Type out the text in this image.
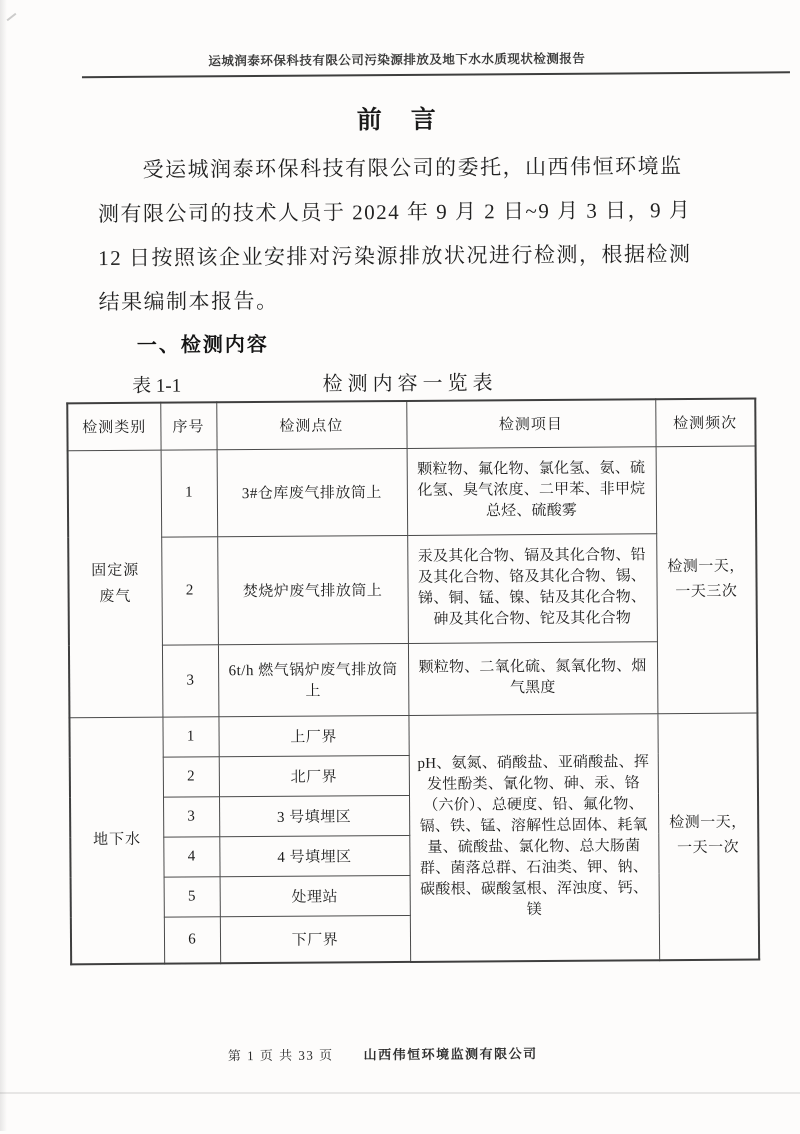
运城润泰环保科技有限公司污染源排放及地下水水质现状检测报告
前　言
　　受运城润泰环保科技有限公司的委托，山西伟恒环境监
测有限公司的技术人员于 2024 年 9 月 2 日~9 月 3 日，9 月
12 日按照该企业安排对污染源排放状况进行检测，根据检测
结果编制本报告。
一、检测内容
表 1-1	检测内容一览表
检测类别	序号	检测点位	检测项目	检测频次
固定源
废气	1	3#仓库废气排放筒上	颗粒物、氟化物、氯化氢、氨、硫化氢、臭气浓度、二甲苯、非甲烷总烃、硫酸雾	检测一天，
一天三次
	2	焚烧炉废气排放筒上	汞及其化合物、镉及其化合物、铅及其化合物、铬及其化合物、锡、锑、铜、锰、镍、钴及其化合物、砷及其化合物、铊及其化合物	
	3	6t/h 燃气锅炉废气排放筒上	颗粒物、二氧化硫、氮氧化物、烟气黑度	
地下水	1	上厂界	pH、氨氮、硝酸盐、亚硝酸盐、挥发性酚类、氰化物、砷、汞、铬（六价）、总硬度、铅、氟化物、镉、铁、锰、溶解性总固体、耗氧量、硫酸盐、氯化物、总大肠菌群、菌落总群、石油类、钾、钠、碳酸根、碳酸氢根、浑浊度、钙、镁	检测一天，
一天一次
	2	北厂界		
	3	3 号填埋区		
	4	4 号填埋区		
	5	处理站		
	6	下厂界		
第 1 页 共 33 页 山西伟恒环境监测有限公司
